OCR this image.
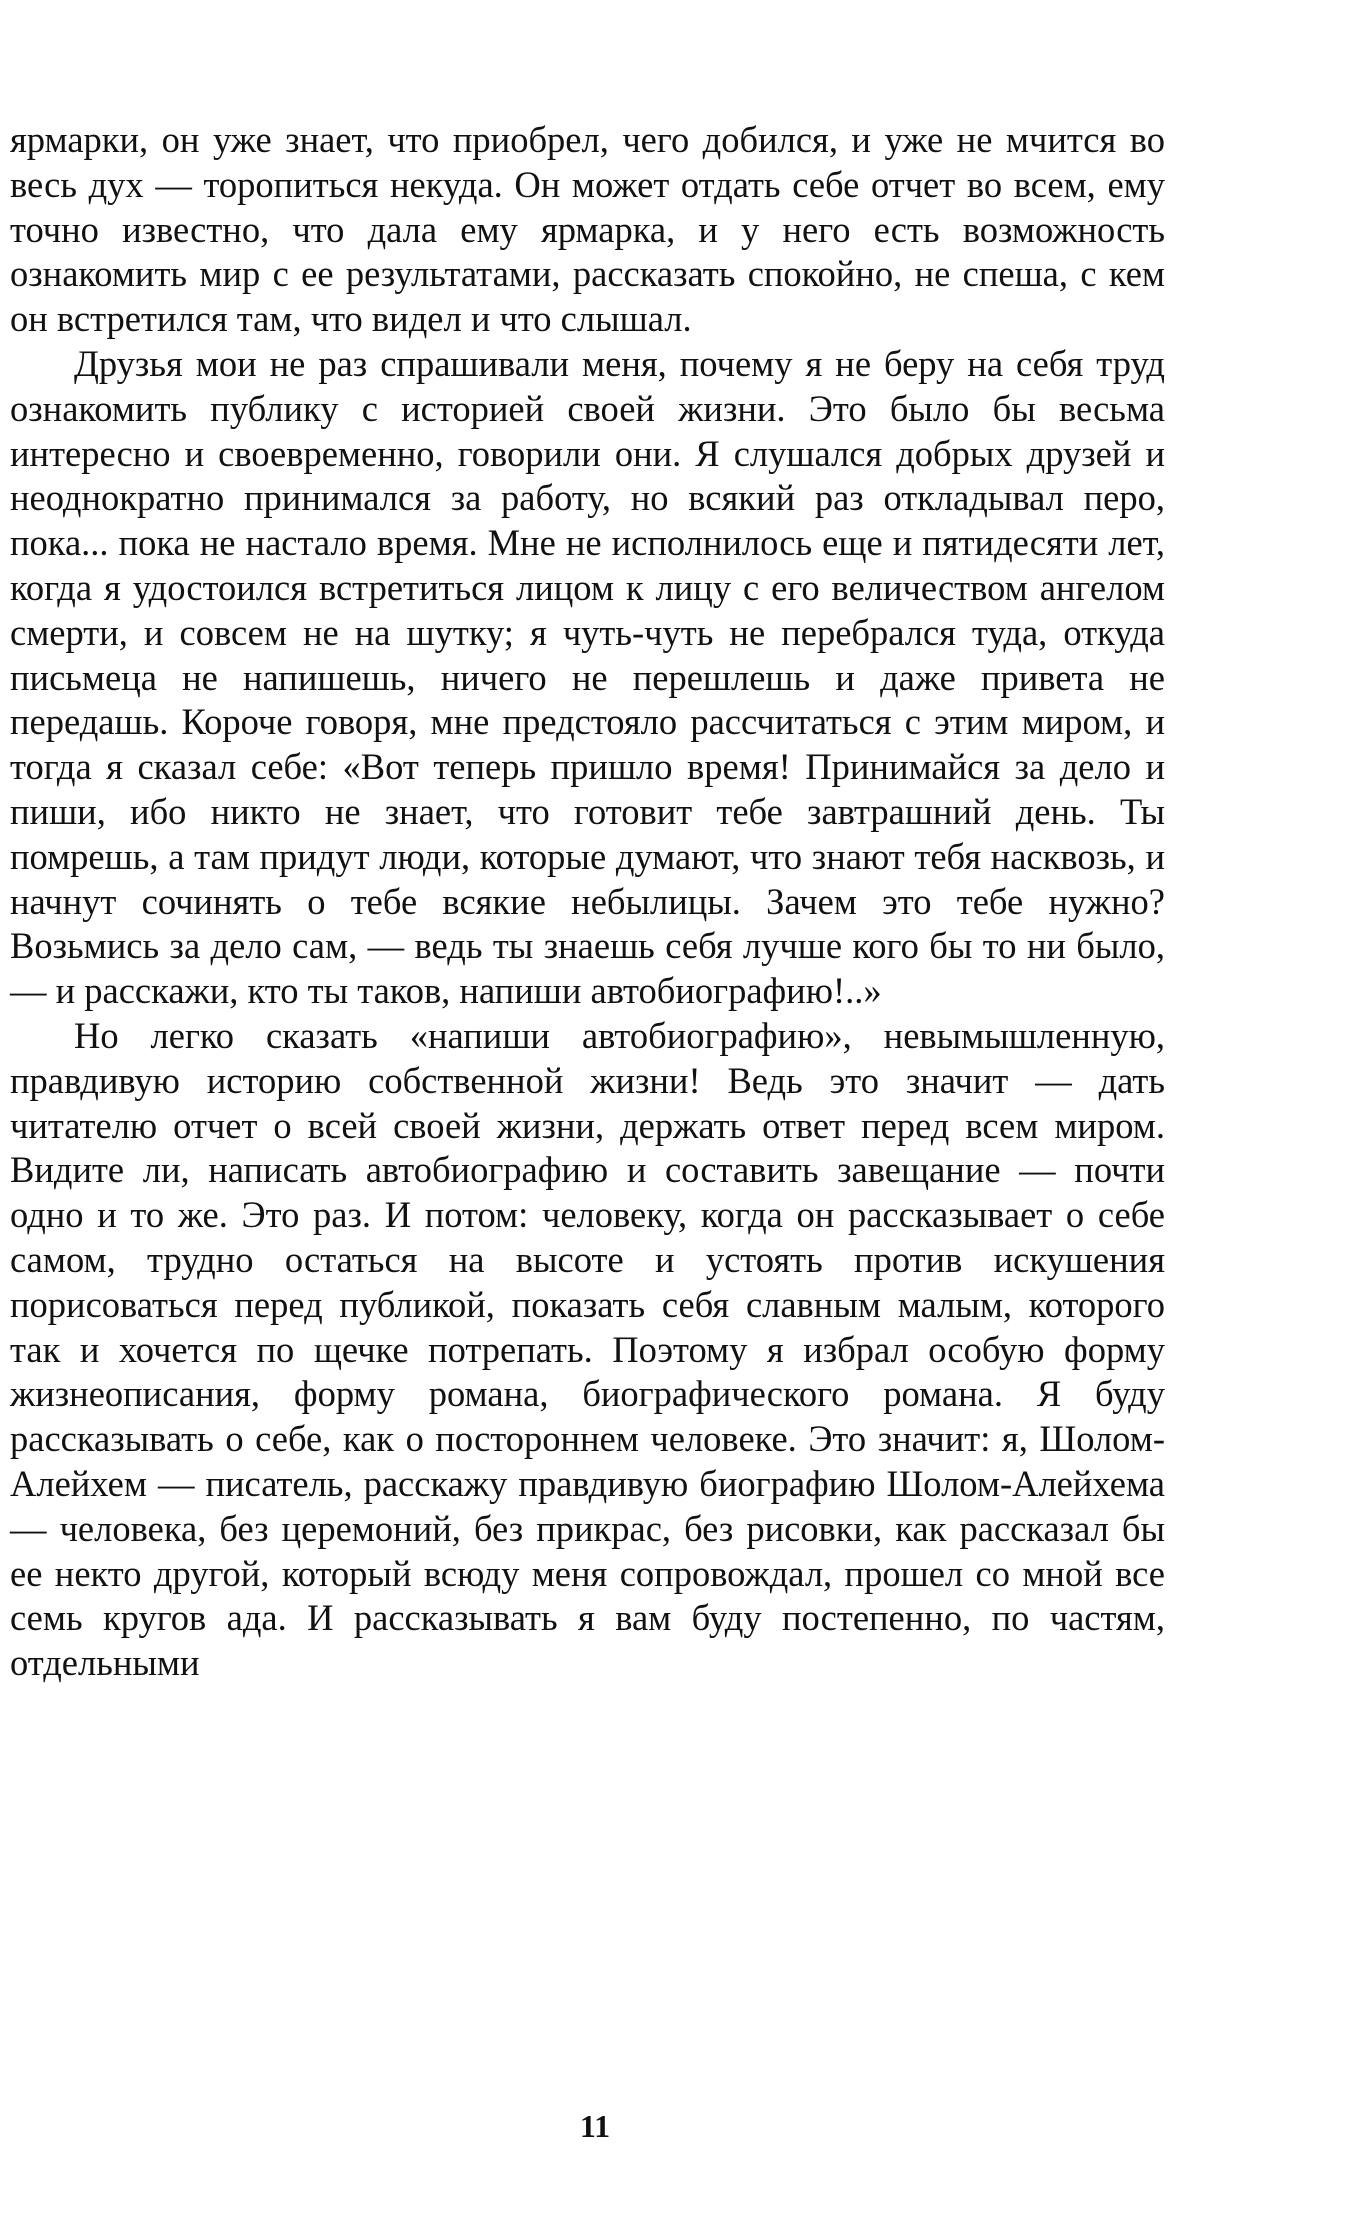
ярмарки, он уже знает, что приобрел, чего добился, и уже не мчится во весь дух — торопиться некуда. Он может отдать себе отчет во всем, ему точно известно, что дала ему ярмарка, и у него есть возможность ознакомить мир с ее результатами, рассказать спокойно, не спеша, с кем он встретился там, что видел и что слышал.

Друзья мои не раз спрашивали меня, почему я не беру на себя труд ознакомить публику с историей своей жизни. Это было бы весьма интересно и своевременно, говорили они. Я слушался добрых друзей и неоднократно принимался за работу, но всякий раз откладывал перо, пока... пока не настало время. Мне не исполнилось еще и пятидесяти лет, когда я удостоился встретиться лицом к лицу с его величеством ангелом смерти, и совсем не на шутку; я чуть-чуть не перебрался туда, откуда письмеца не напишешь, ничего не перешлешь и даже привета не передашь. Короче говоря, мне предстояло рассчитаться с этим миром, и тогда я сказал себе: «Вот теперь пришло время! Принимайся за дело и пиши, ибо никто не знает, что готовит тебе завтрашний день. Ты помрешь, а там придут люди, которые думают, что знают тебя насквозь, и начнут сочинять о тебе всякие небылицы. Зачем это тебе нужно? Возьмись за дело сам, — ведь ты знаешь себя лучше кого бы то ни было, — и расскажи, кто ты таков, напиши автобиографию!..»

Но легко сказать «напиши автобиографию», невымышленную, правдивую историю собственной жизни! Ведь это значит — дать читателю отчет о всей своей жизни, держать ответ перед всем миром. Видите ли, написать автобиографию и составить завещание — почти одно и то же. Это раз. И потом: человеку, когда он рассказывает о себе самом, трудно остаться на высоте и устоять против искушения порисоваться перед публикой, показать себя славным малым, которого так и хочется по щечке потрепать. Поэтому я избрал особую форму жизнеописания, форму романа, биографического романа. Я буду рассказывать о себе, как о постороннем человеке. Это значит: я, Шолом-Алейхем — писатель, расскажу правдивую биографию Шолом-Алейхема — человека, без церемоний, без прикрас, без рисовки, как рассказал бы ее некто другой, который всюду меня сопровождал, прошел со мной все семь кругов ада. И рассказывать я вам буду постепенно, по частям, отдельными

11
